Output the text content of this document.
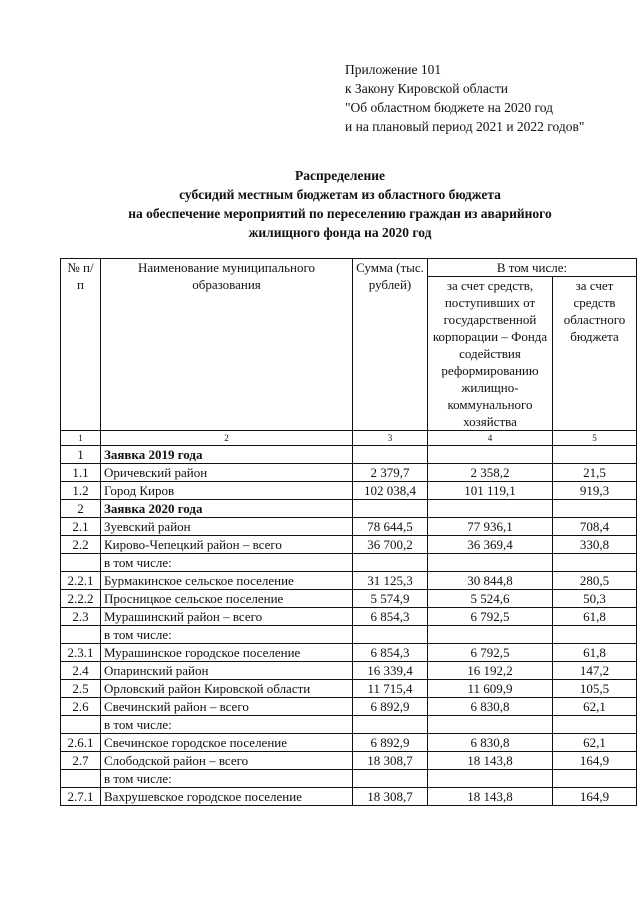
Приложение 101
к Закону Кировской области
"Об областном бюджете на 2020 год
и на плановый период 2021 и 2022 годов"
Распределение
субсидий местным бюджетам из областного бюджета
на обеспечение мероприятий по переселению граждан из аварийного
жилищного фонда на 2020 год
№ п/п	Наименование муниципального образования	Сумма (тыс. рублей)	В том числе:	
			за счет средств, поступивших от государственной корпорации – Фонда содействия реформированию жилищно-коммунального хозяйства	за счет средств областного бюджета
1	2	3	4	5
1	Заявка 2019 года			
1.1	Оричевский район	2 379,7	2 358,2	21,5
1.2	Город Киров	102 038,4	101 119,1	919,3
2	Заявка 2020 года			
2.1	Зуевский район	78 644,5	77 936,1	708,4
2.2	Кирово-Чепецкий район – всего	36 700,2	36 369,4	330,8
	в том числе:			
2.2.1	Бурмакинское сельское поселение	31 125,3	30 844,8	280,5
2.2.2	Просницкое сельское поселение	5 574,9	5 524,6	50,3
2.3	Мурашинский район – всего	6 854,3	6 792,5	61,8
	в том числе:			
2.3.1	Мурашинское городское поселение	6 854,3	6 792,5	61,8
2.4	Опаринский район	16 339,4	16 192,2	147,2
2.5	Орловский район Кировской области	11 715,4	11 609,9	105,5
2.6	Свечинский район – всего	6 892,9	6 830,8	62,1
	в том числе:			
2.6.1	Свечинское городское поселение	6 892,9	6 830,8	62,1
2.7	Слободской район – всего	18 308,7	18 143,8	164,9
	в том числе:			
2.7.1	Вахрушевское городское поселение	18 308,7	18 143,8	164,9
